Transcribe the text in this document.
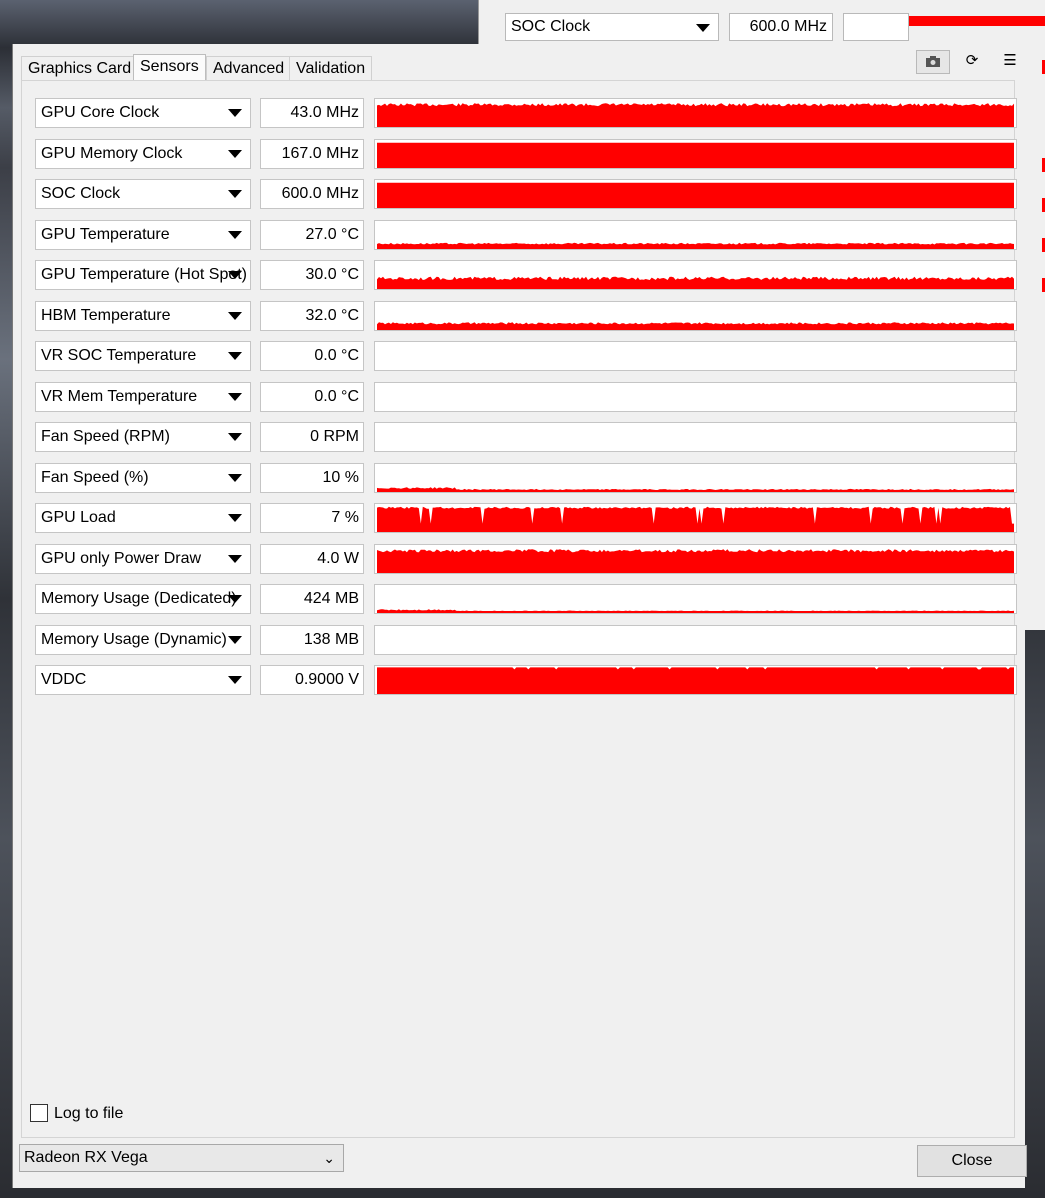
SOC Clock	600.0 MHz
Graphics Card Sensors Advanced Validation	⟳	☰
GPU Core Clock	43.0 MHz
GPU Memory Clock	167.0 MHz
SOC Clock	600.0 MHz
GPU Temperature	27.0 °C
GPU Temperature (Hot Spot)	30.0 °C
HBM Temperature	32.0 °C
VR SOC Temperature	0.0 °C
VR Mem Temperature	0.0 °C
Fan Speed (RPM)	0 RPM
Fan Speed (%)	10 %
GPU Load	7 %
GPU only Power Draw	4.0 W
Memory Usage (Dedicated)	424 MB
Memory Usage (Dynamic)	138 MB
VDDC	0.9000 V
Log to file
Radeon RX Vega	⌄	Close
